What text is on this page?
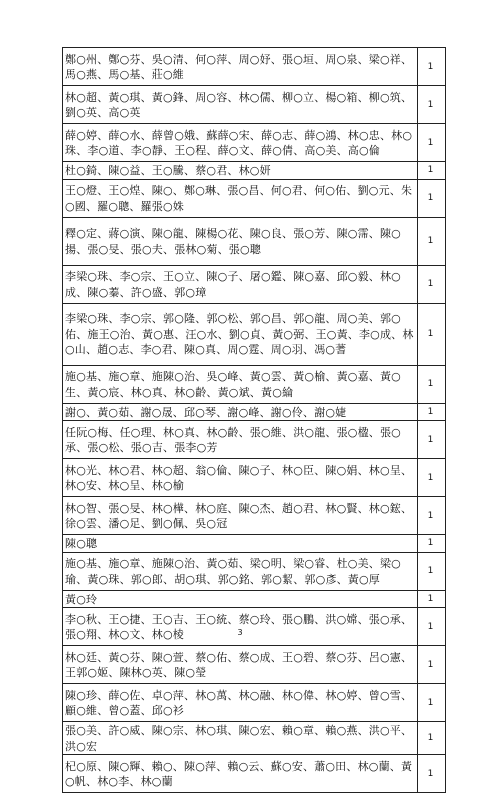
鄭○州、鄭○芬、吳○清、何○萍、周○妤、張○垣、周○泉、梁○祥、馬○燕、馬○基、莊○維	1
林○超、黃○琪、黃○鋒、周○容、林○儒、柳○立、楊○箱、柳○筑、劉○英、高○英	1
薛○婷、薛○水、薛曾○娥、蘇薛○宋、薛○志、薛○鴻、林○忠、林○珠、李○道、李○靜、王○程、薛○文、薛○倩、高○美、高○倫	1
杜○錡、陳○益、王○騰、蔡○君、林○妍	1
王○燈、王○煌、陳○、鄭○琳、張○昌、何○君、何○佑、劉○元、朱○國、羅○聰、羅張○姝	1
釋○定、蔣○演、陳○龍、陳楊○花、陳○良、張○芳、陳○霈、陳○揚、張○旻、張○夫、張林○菊、張○聰	1
李梁○珠、李○宗、王○立、陳○子、屠○鑑、陳○嘉、邱○毅、林○成、陳○蓁、許○盛、郭○璋	1
李梁○珠、李○宗、郭○隆、郭○松、郭○昌、郭○龍、周○美、郭○佑、施王○治、黃○惠、汪○水、劉○貞、黃○弼、王○黃、李○成、林○山、趙○志、李○君、陳○真、周○霆、周○羽、馮○蓍	1
施○基、施○章、施陳○治、吳○峰、黃○雲、黃○榆、黃○嘉、黃○生、黃○宸、林○真、林○齡、黃○斌、黃○綸	1
謝○、黃○茹、謝○晟、邱○琴、謝○峰、謝○伶、謝○婕	1
任阮○梅、任○理、林○真、林○齡、張○維、洪○龍、張○楹、張○承、張○松、張○吉、張李○芳	1
林○光、林○君、林○超、翁○倫、陳○子、林○臣、陳○娟、林○呈、林○安、林○呈、林○榆	1
林○智、張○旻、林○樺、林○庭、陳○杰、趙○君、林○賢、林○鋐、徐○雲、潘○足、劉○佩、吳○冠	1
陳○聰	1
施○基、施○章、施陳○治、黃○茹、梁○明、梁○睿、杜○美、梁○瑜、黃○珠、郭○郎、胡○琪、郭○銘、郭○絜、郭○彥、黃○厚	1
黃○玲	1
李○秋、王○捷、王○吉、王○統、蔡○玲、張○鵬、洪○嫦、張○承、張○翔、林○文、林○棱	1
林○廷、黃○芬、陳○萱、蔡○佑、蔡○成、王○碧、蔡○芬、呂○憲、王郭○姬、陳林○英、陳○瑩	1
陳○珍、薛○佐、卓○萍、林○萬、林○融、林○偉、林○婷、曾○雪、顧○維、曾○蓋、邱○衫	1
張○美、許○威、陳○宗、林○琪、陳○宏、賴○章、賴○燕、洪○平、洪○宏	1
杞○原、陳○輝、賴○、陳○萍、賴○云、蘇○安、蕭○田、林○蘭、黃○帆、林○李、林○蘭	1
3
